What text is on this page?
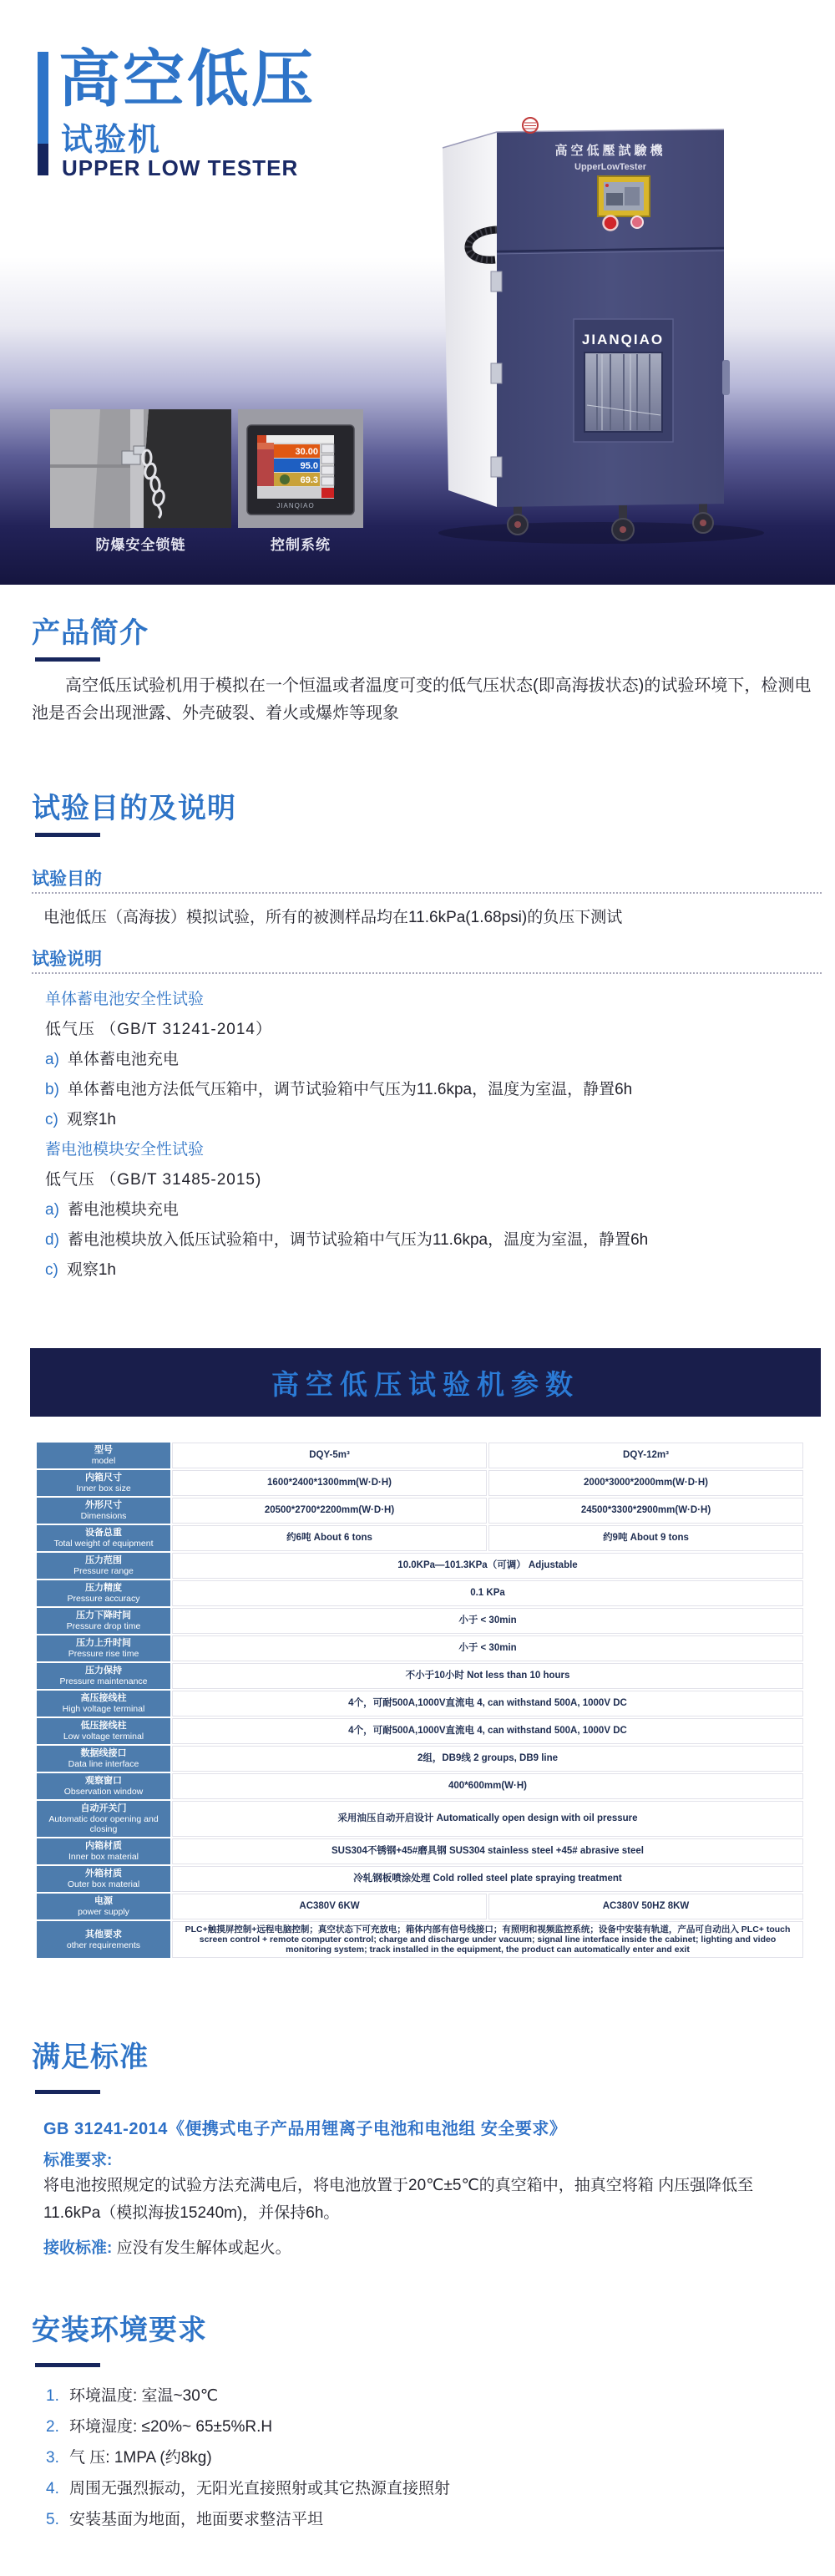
高空低压
试验机
UPPER LOW TESTER
高空低壓試驗機
UpperLowTester
JIANQIAO
JIANQIAO
30.00
95.0
69.3
防爆安全锁链	控制系统
产品简介

高空低压试验机用于模拟在一个恒温或者温度可变的低气压状态(即高海拔状态)的试验环境下，检测电池是否会出现泄露、外壳破裂、着火或爆炸等现象

试验目的及说明
试验目的
电池低压（高海拔）模拟试验，所有的被测样品均在11.6kPa(1.68psi)的负压下测试
试验说明
单体蓄电池安全性试验
低气压 （GB/T 31241-2014）
a) 单体蓄电池充电
b) 单体蓄电池方法低气压箱中，调节试验箱中气压为11.6kpa，温度为室温，静置6h
c) 观察1h
蓄电池模块安全性试验
低气压 （GB/T 31485-2015)
a) 蓄电池模块充电
d) 蓄电池模块放入低压试验箱中，调节试验箱中气压为11.6kpa，温度为室温，静置6h
c) 观察1h
高空低压试验机参数
型号
model	DQY-5m³	DQY-12m³

内箱尺寸
Inner box size	1600*2400*1300mm(W·D·H)	2000*3000*2000mm(W·D·H)

外形尺寸
Dimensions	20500*2700*2200mm(W·D·H)	24500*3300*2900mm(W·D·H)

设备总重
Total weight of equipment	约6吨 About 6 tons	约9吨 About 9 tons

压力范围
Pressure range	10.0KPa—101.3KPa（可调） Adjustable	

压力精度
Pressure accuracy	0.1 KPa	

压力下降时间
Pressure drop time	小于 < 30min	

压力上升时间
Pressure rise time	小于 < 30min	

压力保持
Pressure maintenance	不小于10小时 Not less than 10 hours	

高压接线柱
High voltage terminal	4个，可耐500A,1000V直流电 4, can withstand 500A, 1000V DC	

低压接线柱
Low voltage terminal	4个，可耐500A,1000V直流电 4, can withstand 500A, 1000V DC	

数据线接口
Data line interface	2组，DB9线 2 groups, DB9 line	

观察窗口
Observation window	400*600mm(W·H)	

自动开关门
Automatic door opening and closing	采用油压自动开启设计 Automatically open design with oil pressure	

内箱材质
Inner box material	SUS304不锈钢+45#磨具钢 SUS304 stainless steel +45# abrasive steel	

外箱材质
Outer box material	冷轧钢板喷涂处理 Cold rolled steel plate spraying treatment	

电源
power supply	AC380V 6KW	AC380V 50HZ 8KW

其他要求
other requirements	PLC+触摸屏控制+远程电脑控制；真空状态下可充放电；箱体内部有信号线接口；有照明和视频监控系统；设备中安装有轨道，产品可自动出入 PLC+ touch screen control + remote computer control; charge and discharge under vacuum; signal line interface inside the cabinet; lighting and video monitoring system; track installed in the equipment, the product can automatically enter and exit	
满足标准
GB 31241-2014《便携式电子产品用锂离子电池和电池组 安全要求》
标准要求:

将电池按照规定的试验方法充满电后，将电池放置于20℃±5℃的真空箱中，抽真空将箱 内压强降低至11.6kPa（模拟海拔15240m)，并保持6h。

接收标准: 应没有发生解体或起火。
安装环境要求
1. 环境温度: 室温~30℃
2. 环境湿度: ≤20%~ 65±5%R.H
3. 气 压: 1MPA (约8kg)
4. 周围无强烈振动，无阳光直接照射或其它热源直接照射
5. 安装基面为地面，地面要求整洁平坦
